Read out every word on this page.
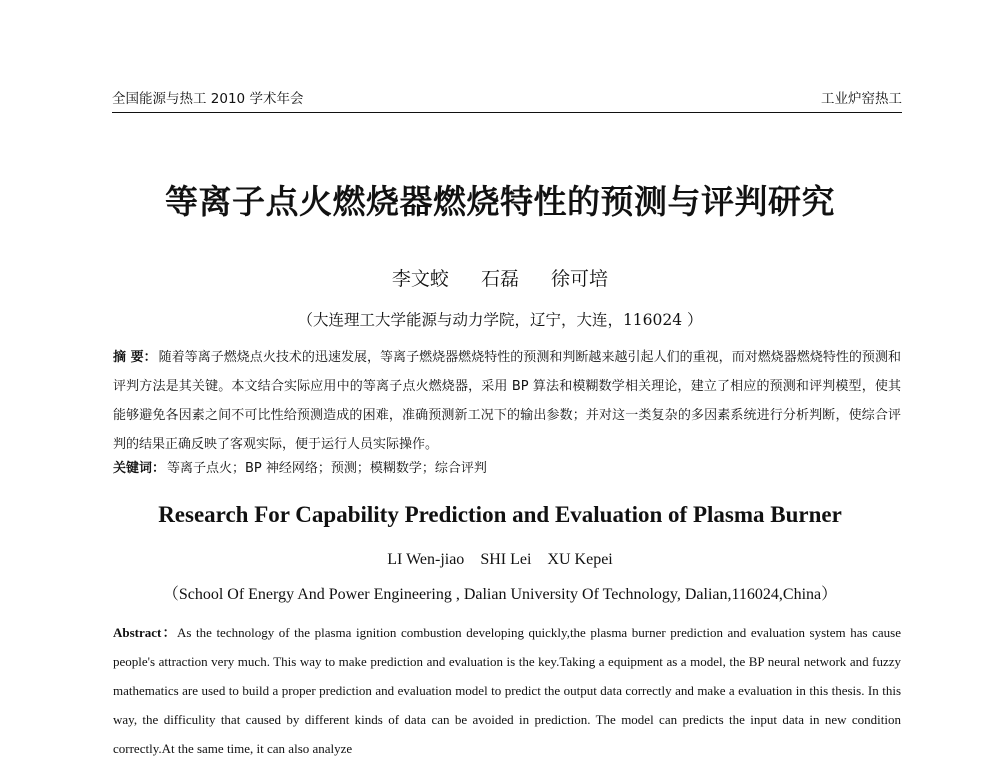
全国能源与热工 2010 学术年会	工业炉窑热工
等离子点火燃烧器燃烧特性的预测与评判研究
李文蛟 石磊 徐可培
（大连理工大学能源与动力学院，辽宁，大连，116024 ）
摘 要： 随着等离子燃烧点火技术的迅速发展，等离子燃烧器燃烧特性的预测和判断越来越引起人们的重视，而对燃烧器燃烧特性的预测和评判方法是其关键。本文结合实际应用中的等离子点火燃烧器，采用 BP 算法和模糊数学相关理论，建立了相应的预测和评判模型，使其能够避免各因素之间不可比性给预测造成的困难，准确预测新工况下的输出参数；并对这一类复杂的多因素系统进行分析判断，使综合评判的结果正确反映了客观实际，便于运行人员实际操作。
关键词： 等离子点火；BP 神经网络；预测；模糊数学；综合评判
Research For Capability Prediction and Evaluation of Plasma Burner
LI Wen-jiao SHI Lei XU Kepei
（School Of Energy And Power Engineering , Dalian University Of Technology, Dalian,116024,China）
Abstract：As the technology of the plasma ignition combustion developing quickly,the plasma burner prediction and evaluation system has cause people's attraction very much. This way to make prediction and evaluation is the key.Taking a equipment as a model, the BP neural network and fuzzy mathematics are used to build a proper prediction and evaluation model to predict the output data correctly and make a evaluation in this thesis. In this way, the difficulity that caused by different kinds of data can be avoided in prediction. The model can predicts the input data in new condition correctly.At the same time, it can also analyze
